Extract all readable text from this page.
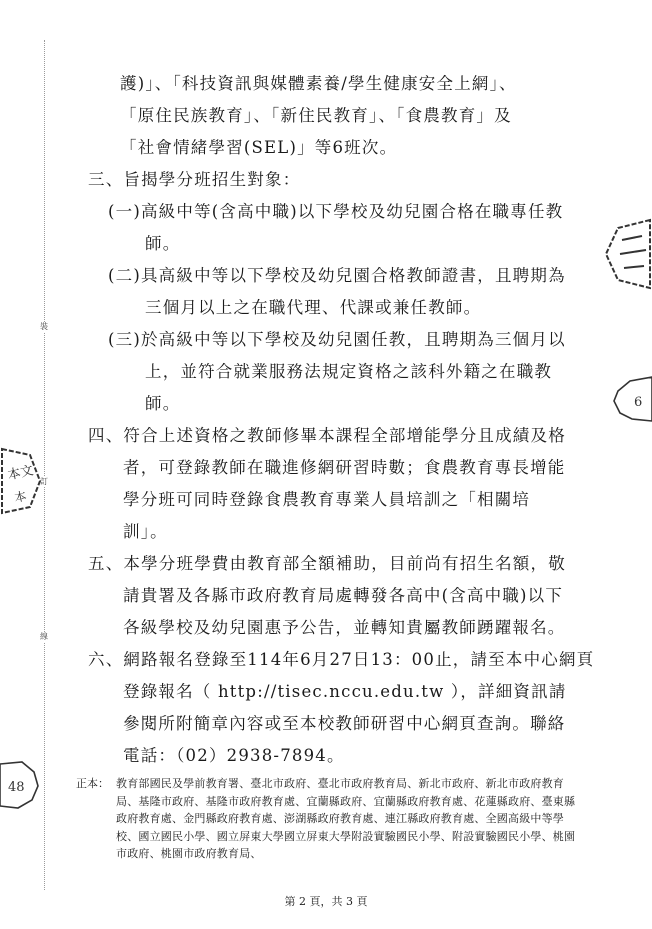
裝
訂
線
本文
本
6
48
護)」、「科技資訊與媒體素養/學生健康安全上網」、
「原住民族教育」、「新住民教育」、「食農教育」及
「社會情緒學習(SEL)」等6班次。
三、旨揭學分班招生對象：
(一)高級中等(含高中職)以下學校及幼兒園合格在職專任教
師。
(二)具高級中等以下學校及幼兒園合格教師證書，且聘期為
三個月以上之在職代理、代課或兼任教師。
(三)於高級中等以下學校及幼兒園任教，且聘期為三個月以
上，並符合就業服務法規定資格之該科外籍之在職教
師。
四、符合上述資格之教師修畢本課程全部增能學分且成績及格
者，可登錄教師在職進修網研習時數；食農教育專長增能
學分班可同時登錄食農教育專業人員培訓之「相關培
訓」。
五、本學分班學費由教育部全額補助，目前尚有招生名額，敬
請貴署及各縣市政府教育局處轉發各高中(含高中職)以下
各級學校及幼兒園惠予公告，並轉知貴屬教師踴躍報名。
六、網路報名登錄至114年6月27日13：00止，請至本中心網頁
登錄報名（ http://tisec.nccu.edu.tw ），詳細資訊請
參閱所附簡章內容或至本校教師研習中心網頁查詢。聯絡
電話：（02）2938-7894。
正本： 教育部國民及學前教育署、臺北市政府、臺北市政府教育局、新北市政府、新北市政府教育局、基隆市政府、基隆市政府教育處、宜蘭縣政府、宜蘭縣政府教育處、花蓮縣政府、臺東縣政府教育處、金門縣政府教育處、澎湖縣政府教育處、連江縣政府教育處、全國高級中等學校、國立國民小學、國立屏東大學國立屏東大學附設實驗國民小學、附設實驗國民小學、桃園市政府、桃園市政府教育局、
第 2 頁，共 3 頁
